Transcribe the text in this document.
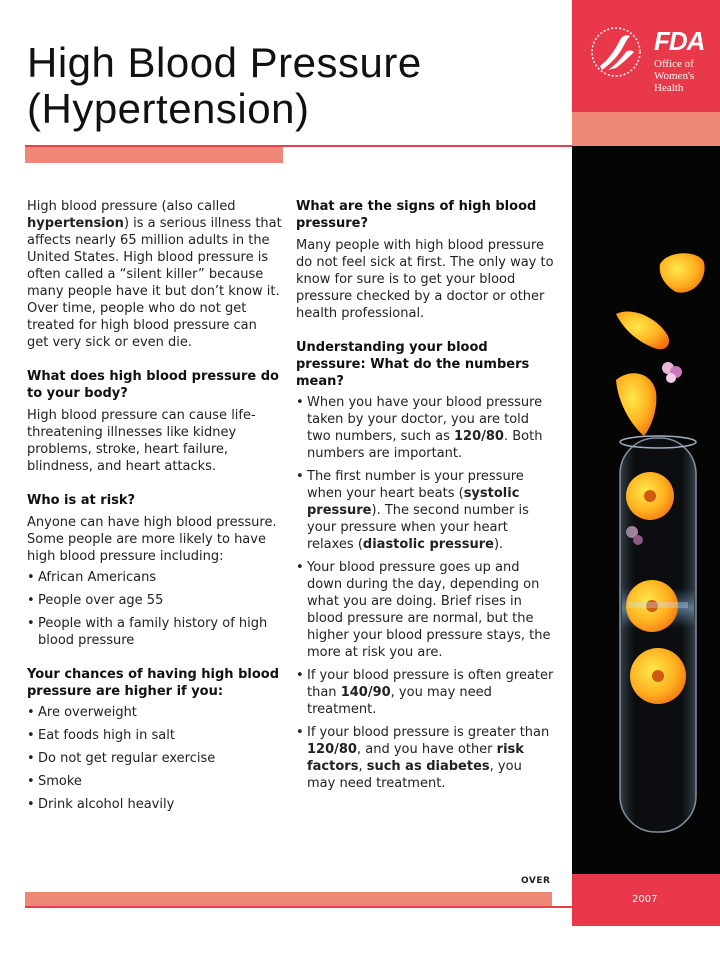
High Blood Pressure
(Hypertension)

High blood pressure (also called hypertension) is a serious illness that affects nearly 65 million adults in the United States. High blood pressure is often called a “silent killer” because many people have it but don’t know it. Over time, people who do not get treated for high blood pressure can get very sick or even die.

What does high blood pressure do to your body?

High blood pressure can cause life-threatening illnesses like kidney problems, stroke, heart failure, blindness, and heart attacks.

Who is at risk?

Anyone can have high blood pressure. Some people are more likely to have high blood pressure including:

• African Americans
• People over age 55
• People with a family history of high blood pressure
Your chances of having high blood pressure are higher if you:
• Are overweight
• Eat foods high in salt
• Do not get regular exercise
• Smoke
• Drink alcohol heavily
What are the signs of high blood pressure?

Many people with high blood pressure do not feel sick at first. The only way to know for sure is to get your blood pressure checked by a doctor or other health professional.

Understanding your blood pressure: What do the numbers mean?
• When you have your blood pressure taken by your doctor, you are told two numbers, such as 120/80. Both numbers are important.
• The first number is your pressure when your heart beats (systolic pressure). The second number is your pressure when your heart relaxes (diastolic pressure).
• Your blood pressure goes up and down during the day, depending on what you are doing. Brief rises in blood pressure are normal, but the higher your blood pressure stays, the more at risk you are.
• If your blood pressure is often greater than 140/90, you may need treatment.
• If your blood pressure is greater than 120/80, and you have other risk factors, such as diabetes, you may need treatment.
OVER
FDA
Office of
Women's
Health
2007
